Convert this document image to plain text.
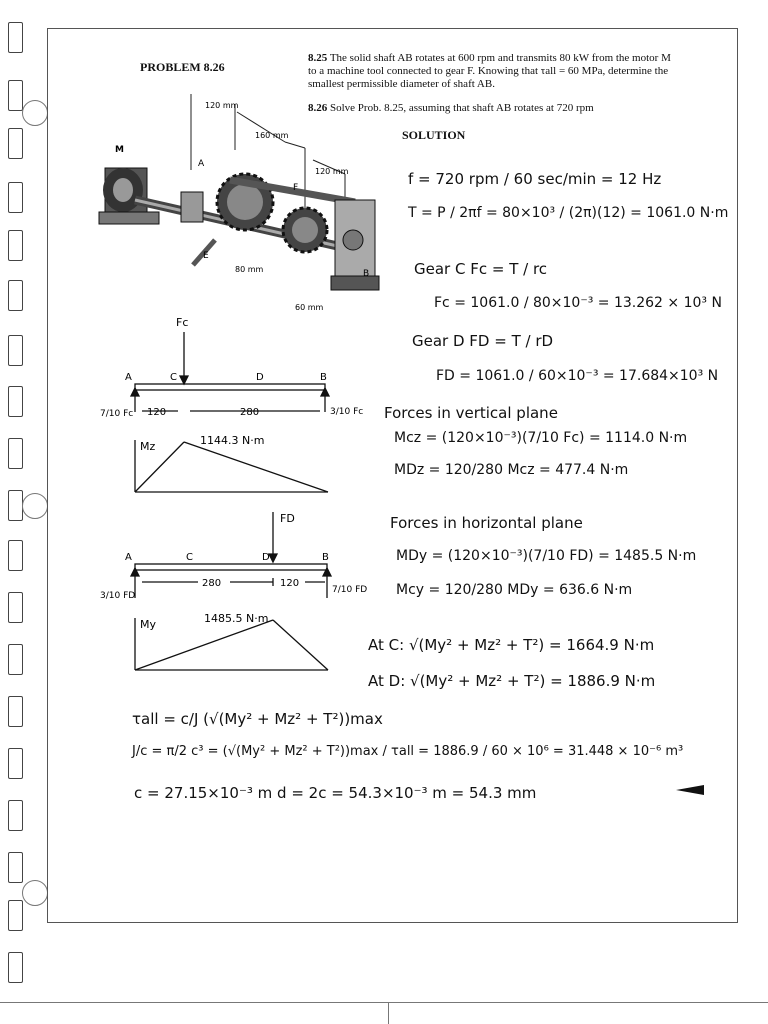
PROBLEM 8.26
8.25 The solid shaft AB rotates at 600 rpm and transmits 80 kW from the motor M
to a machine tool connected to gear F. Knowing that τall = 60 MPa, determine the
smallest permissible diameter of shaft AB.
8.26 Solve Prob. 8.25, assuming that shaft AB rotates at 720 rpm
SOLUTION
M
A
F
E
B
120 mm
160 mm
120 mm
80 mm
60 mm
Fc
A	C	D	B
7/10 Fc	3/10 Fc
120	280
Mz	1144.3 N·m
FD
A	C	D	B
3/10 FD
7/10 FD
280	120
My	1485.5 N·m
f = 720 rpm / 60 sec/min = 12 Hz
T = P / 2πf = 80×10³ / (2π)(12) = 1061.0 N·m
Gear C Fc = T / rc
Fc = 1061.0 / 80×10⁻³ = 13.262 × 10³ N
Gear D FD = T / rD
FD = 1061.0 / 60×10⁻³ = 17.684×10³ N
Forces in vertical plane
Mcz = (120×10⁻³)(7/10 Fc) = 1114.0 N·m
MDz = 120/280 Mcz = 477.4 N·m
Forces in horizontal plane
MDy = (120×10⁻³)(7/10 FD) = 1485.5 N·m
Mcy = 120/280 MDy = 636.6 N·m
At C: √(My² + Mz² + T²) = 1664.9 N·m
At D: √(My² + Mz² + T²) = 1886.9 N·m
τall = c/J (√(My² + Mz² + T²))max
J/c = π/2 c³ = (√(My² + Mz² + T²))max / τall = 1886.9 / 60 × 10⁶ = 31.448 × 10⁻⁶ m³
c = 27.15×10⁻³ m d = 2c = 54.3×10⁻³ m = 54.3 mm
